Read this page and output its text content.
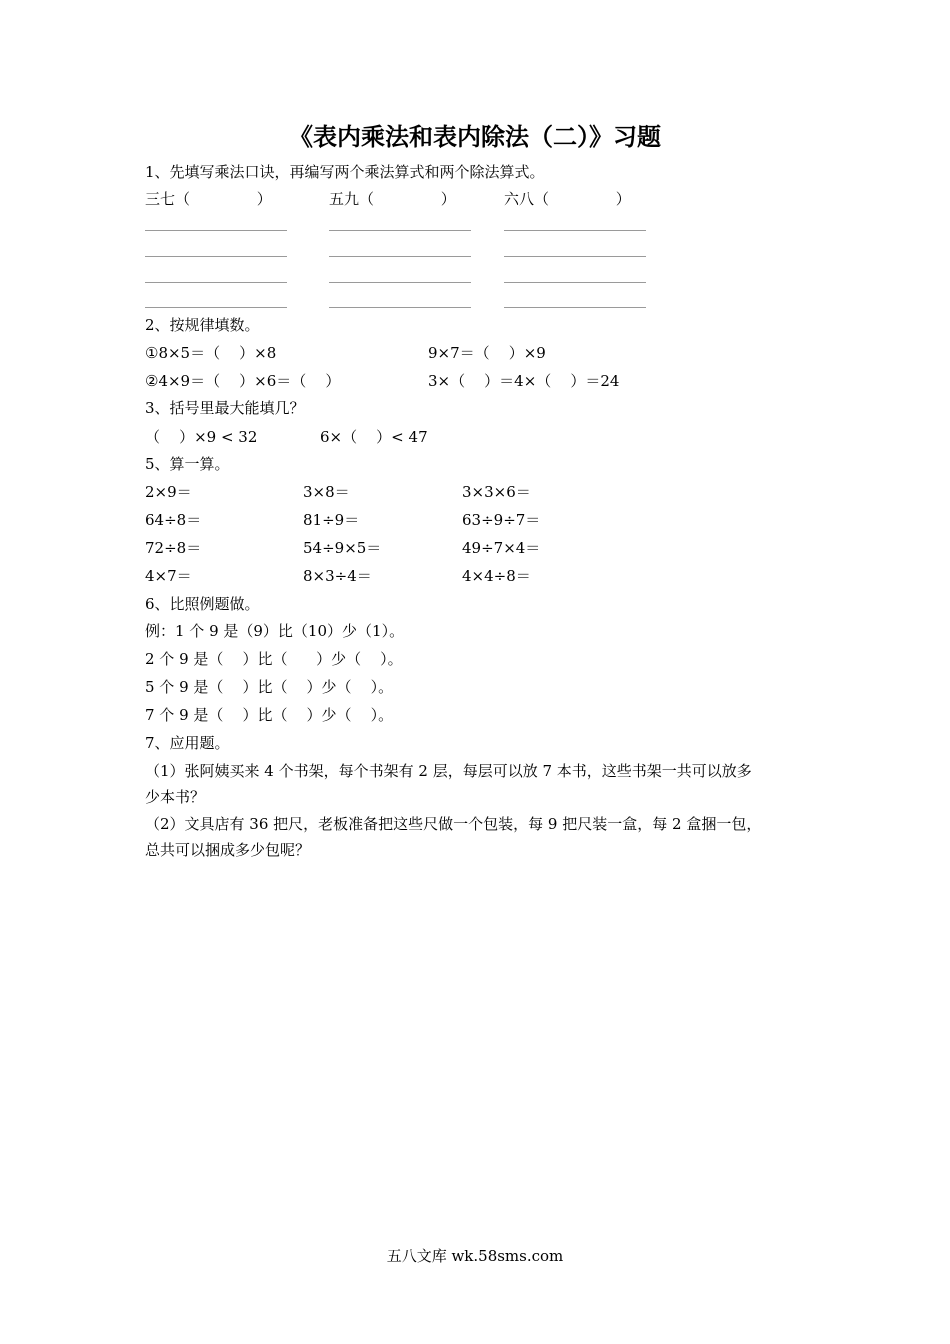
《表内乘法和表内除法（二）》习题
1、先填写乘法口诀，再编写两个乘法算式和两个除法算式。
三七（              ）	五九（              ）	六八（              ）
2、按规律填数。
①8×5＝（    ）×8	9×7＝（    ）×9
②4×9＝（    ）×6＝（    ）	3×（    ）＝4×（    ）＝24
3、括号里最大能填几？
（    ）×9 < 32	6×（    ）< 47
5、算一算。
2×9＝	3×8＝	3×3×6＝
64÷8＝	81÷9＝	63÷9÷7＝
72÷8＝	54÷9×5＝	49÷7×4＝
4×7＝	8×3÷4＝	4×4÷8＝
6、比照例题做。
例：1 个 9 是（9）比（10）少（1）。
2 个 9 是（    ）比（      ）少（    ）。
5 个 9 是（    ）比（    ）少（    ）。
7 个 9 是（    ）比（    ）少（    ）。
7、应用题。
（1）张阿姨买来 4 个书架，每个书架有 2 层，每层可以放 7 本书，这些书架一共可以放多
少本书？
（2）文具店有 36 把尺，老板准备把这些尺做一个包装，每 9 把尺装一盒，每 2 盒捆一包，
总共可以捆成多少包呢？
五八文库 wk.58sms.com
